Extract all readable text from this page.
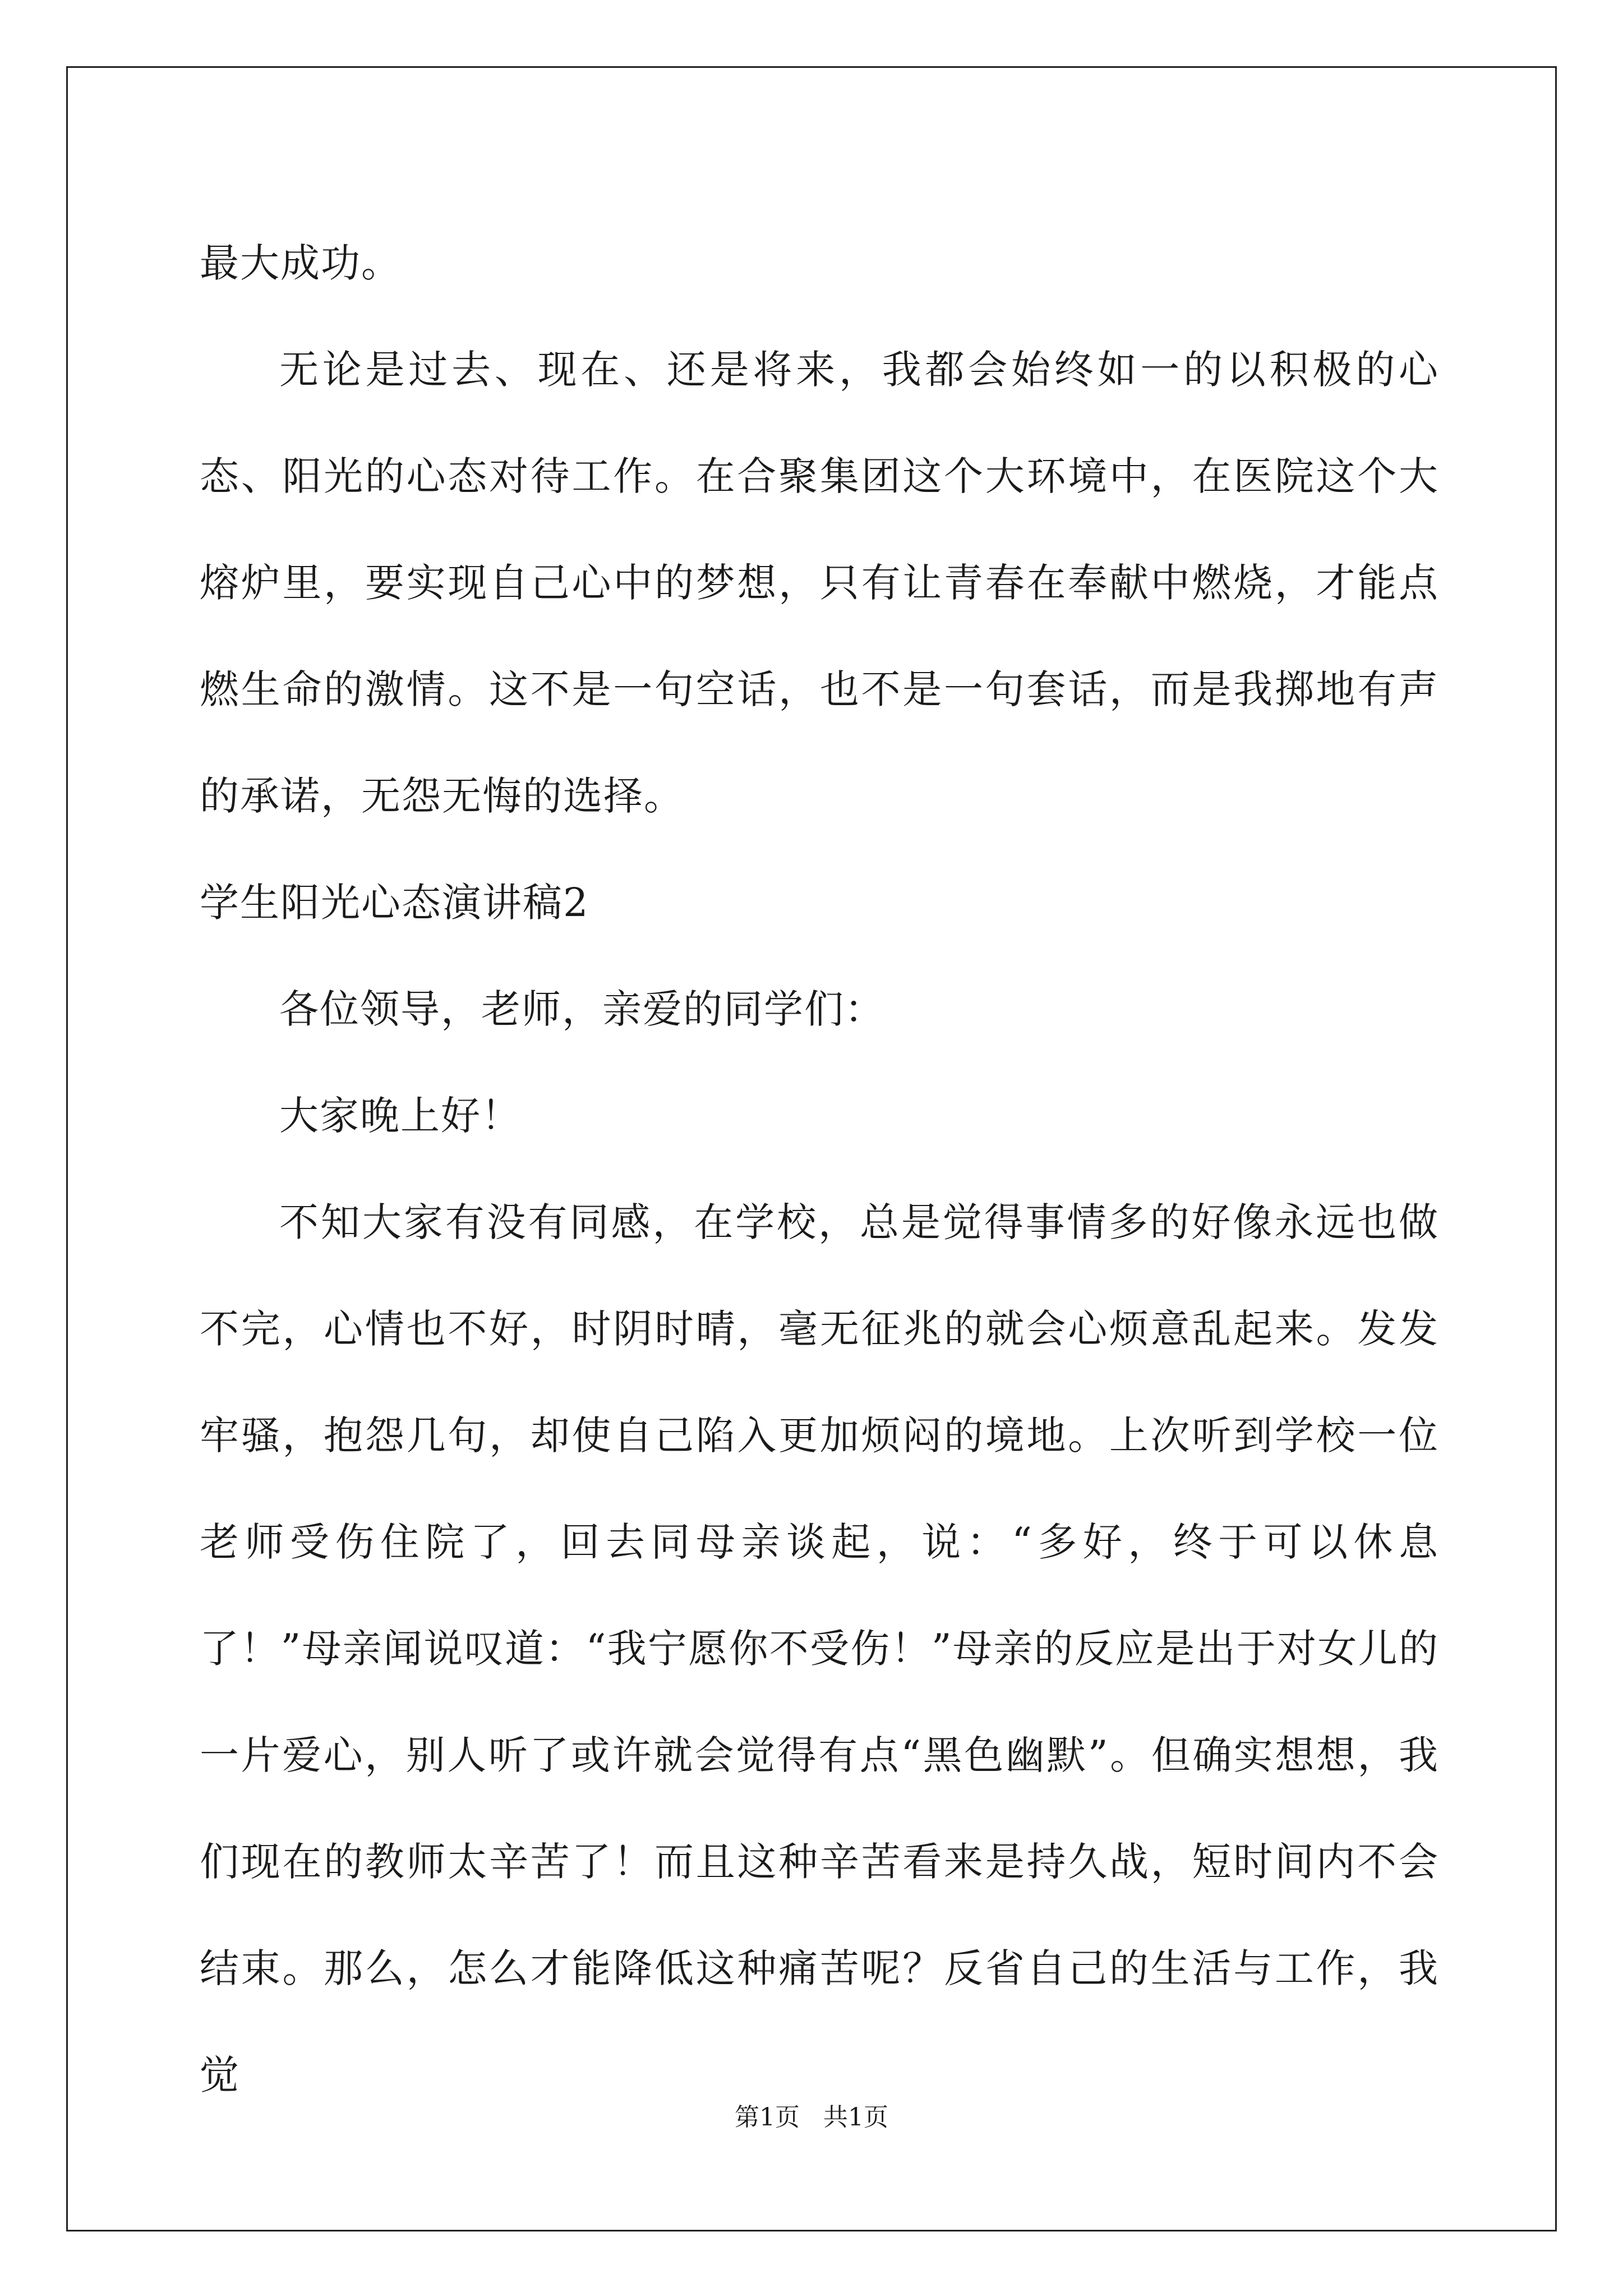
最大成功。

无论是过去、现在、还是将来，我都会始终如一的以积极的心态、阳光的心态对待工作。在合聚集团这个大环境中，在医院这个大熔炉里，要实现自己心中的梦想，只有让青春在奉献中燃烧，才能点燃生命的激情。这不是一句空话，也不是一句套话，而是我掷地有声的承诺，无怨无悔的选择。

学生阳光心态演讲稿2

各位领导，老师，亲爱的同学们：

大家晚上好！

不知大家有没有同感，在学校，总是觉得事情多的好像永远也做不完，心情也不好，时阴时晴，毫无征兆的就会心烦意乱起来。发发牢骚，抱怨几句，却使自己陷入更加烦闷的境地。上次听到学校一位老师受伤住院了，回去同母亲谈起，说：“多好，终于可以休息了！”母亲闻说叹道：“我宁愿你不受伤！”母亲的反应是出于对女儿的一片爱心，别人听了或许就会觉得有点“黑色幽默”。但确实想想，我们现在的教师太辛苦了！而且这种辛苦看来是持久战，短时间内不会结束。那么，怎么才能降低这种痛苦呢？反省自己的生活与工作，我觉

第1页   共1页
